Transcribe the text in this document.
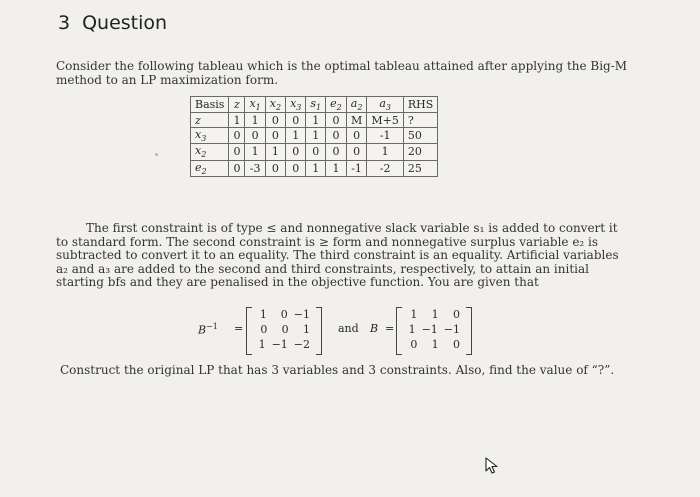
3 Question
Consider the following tableau which is the optimal tableau attained after applying the Big-M method to an LP maximization form.
Basis	z	$x_1$	$x_2$	$x_3$	$s_1$	$e_2$	$a_2$	$a_3$	RHS
z	1	1	0	0	1	0	M	M+5	?
$x_3$	0	0	0	1	1	0	0	-1	50
$x_2$	0	1	1	0	0	0	0	1	20
$e_2$	0	-3	0	0	1	1	-1	-2	25
The first constraint is of type ≤ and nonnegative slack variable s₁ is added to convert it to standard form. The second constraint is ≥ form and nonnegative surplus variable e₂ is subtracted to convert it to an equality. The third constraint is an equality. Artificial variables a₂ and a₃ are added to the second and third constraints, respectively, to attain an initial starting bfs and they are penalised in the objective function. You are given that
$B^{-1}$ =
1	0 −1
0	0	1
1 −1 −2
and B =
1	1	0
1 −1 −1
0	1	0
Construct the original LP that has 3 variables and 3 constraints. Also, find the value of “?”.
